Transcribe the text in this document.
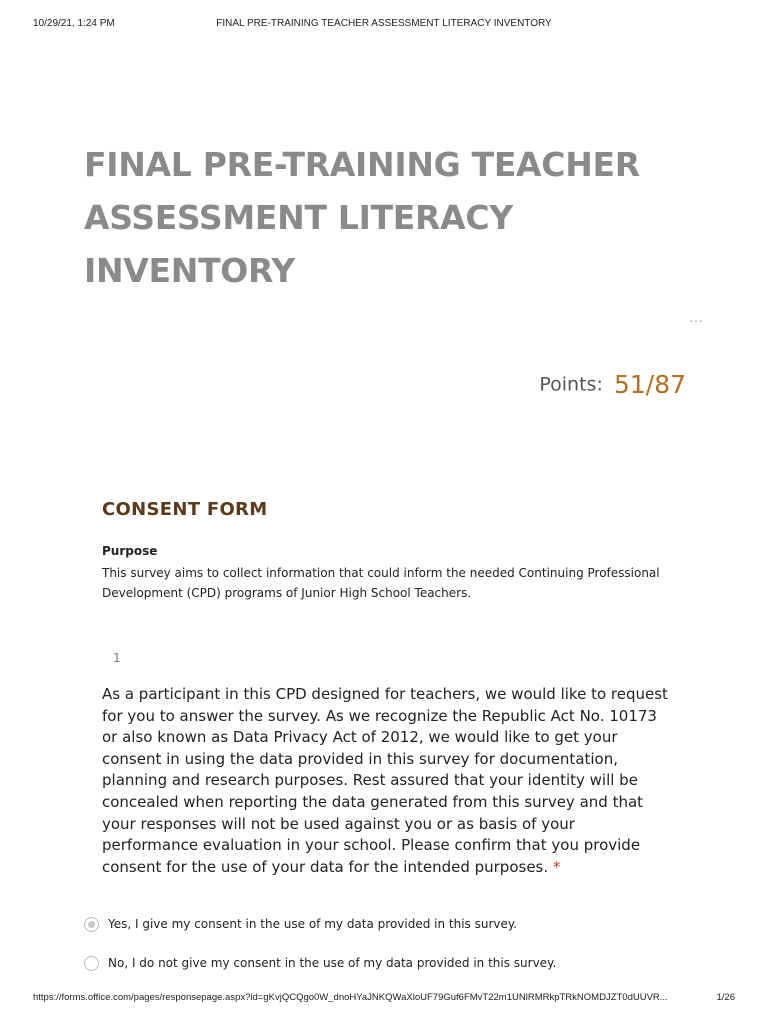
10/29/21, 1:24 PM	FINAL PRE-TRAINING TEACHER ASSESSMENT LITERACY INVENTORY
FINAL PRE-TRAINING TEACHER
ASSESSMENT LITERACY
INVENTORY
…
Points: 51/87
CONSENT FORM
Purpose
This survey aims to collect information that could inform the needed Continuing Professional Development (CPD) programs of Junior High School Teachers.
1
As a participant in this CPD designed for teachers, we would like to request for you to answer the survey. As we recognize the Republic Act No. 10173 or also known as Data Privacy Act of 2012, we would like to get your consent in using the data provided in this survey for documentation, planning and research purposes. Rest assured that your identity will be concealed when reporting the data generated from this survey and that your responses will not be used against you or as basis of your performance evaluation in your school. Please confirm that you provide consent for the use of your data for the intended purposes. *
Yes, I give my consent in the use of my data provided in this survey.
No, I do not give my consent in the use of my data provided in this survey.
https://forms.office.com/pages/responsepage.aspx?id=gKvjQCQgo0W_dnoHYaJNKQWaXloUF79Guf6FMvT22m1UNlRMRkpTRkNOMDJZT0dUUVR...	1/26
